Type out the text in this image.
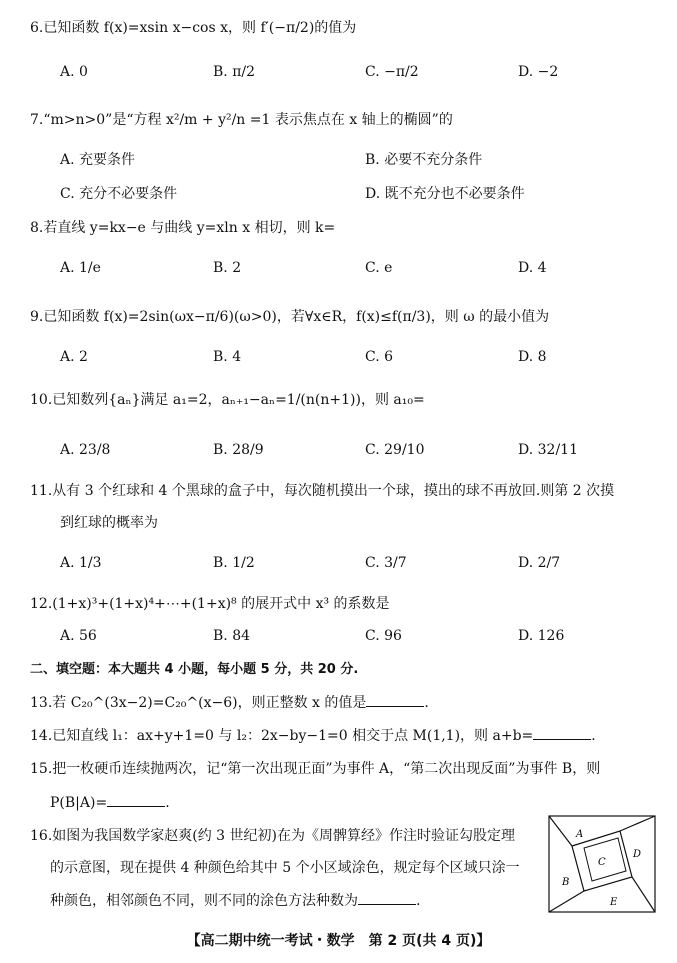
6.已知函数 f(x)=xsin x−cos x，则 f′(−π/2)的值为
A. 0	B. π/2	C. −π/2	D. −2
7.“m>n>0”是“方程 x²/m + y²/n =1 表示焦点在 x 轴上的椭圆”的
A. 充要条件	B. 必要不充分条件
C. 充分不必要条件	D. 既不充分也不必要条件
8.若直线 y=kx−e 与曲线 y=xln x 相切，则 k=
A. 1/e	B. 2	C. e	D. 4
9.已知函数 f(x)=2sin(ωx−π/6)(ω>0)，若∀x∈R，f(x)≤f(π/3)，则 ω 的最小值为
A. 2	B. 4	C. 6	D. 8
10.已知数列{aₙ}满足 a₁=2，aₙ₊₁−aₙ=1/(n(n+1))，则 a₁₀=
A. 23/8	B. 28/9	C. 29/10	D. 32/11
11.从有 3 个红球和 4 个黑球的盒子中，每次随机摸出一个球，摸出的球不再放回.则第 2 次摸
到红球的概率为
A. 1/3	B. 1/2	C. 3/7	D. 2/7
12.(1+x)³+(1+x)⁴+⋯+(1+x)⁸ 的展开式中 x³ 的系数是
A. 56	B. 84	C. 96	D. 126
二、填空题：本大题共 4 小题，每小题 5 分，共 20 分.
13.若 C₂₀^(3x−2)=C₂₀^(x−6)，则正整数 x 的值是	.
14.已知直线 l₁：ax+y+1=0 与 l₂：2x−by−1=0 相交于点 M(1,1)，则 a+b=	.
15.把一枚硬币连续抛两次，记“第一次出现正面”为事件 A，“第二次出现反面”为事件 B，则
P(B|A)=	.
16.如图为我国数学家赵爽(约 3 世纪初)在为《周髀算经》作注时验证勾股定理
的示意图，现在提供 4 种颜色给其中 5 个小区域涂色，规定每个区域只涂一
种颜色，相邻颜色不同，则不同的涂色方法种数为	.
A
B
C
D
E
【高二期中统一考试・数学　第 2 页(共 4 页)】
